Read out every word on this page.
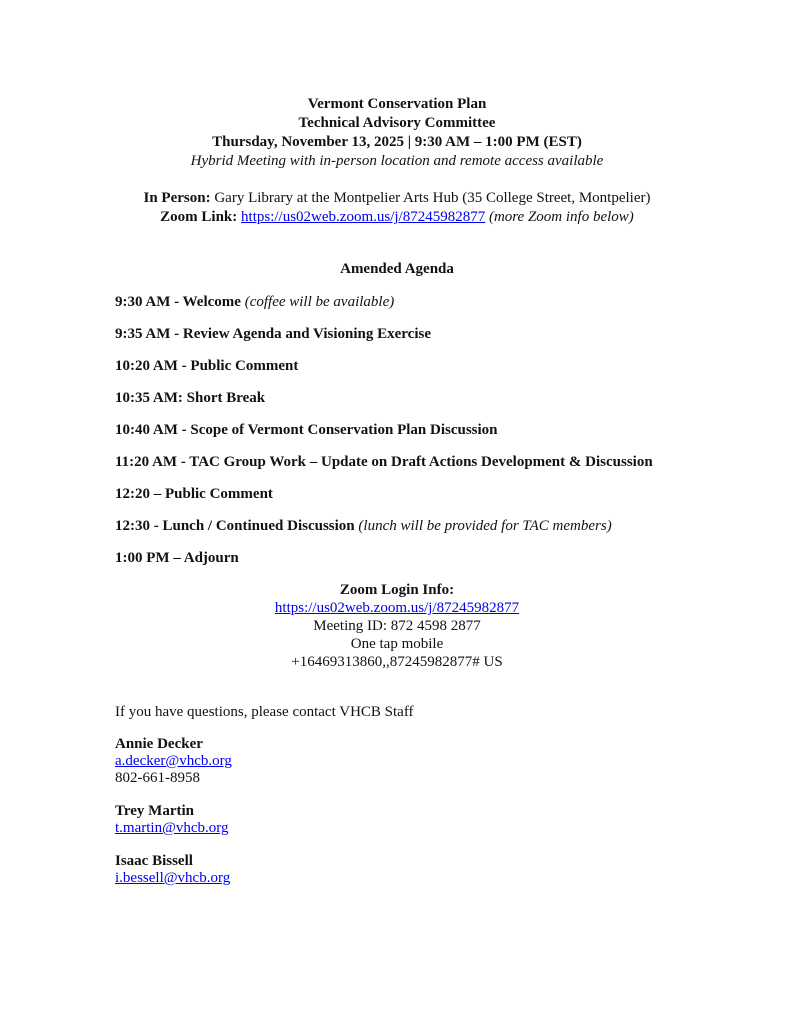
Vermont Conservation Plan
Technical Advisory Committee
Thursday, November 13, 2025 | 9:30 AM – 1:00 PM (EST)
Hybrid Meeting with in-person location and remote access available
In Person: Gary Library at the Montpelier Arts Hub (35 College Street, Montpelier)
Zoom Link: https://us02web.zoom.us/j/87245982877 (more Zoom info below)
Amended Agenda

9:30 AM - Welcome (coffee will be available)

9:35 AM - Review Agenda and Visioning Exercise

10:20 AM - Public Comment

10:35 AM: Short Break

10:40 AM - Scope of Vermont Conservation Plan Discussion

11:20 AM - TAC Group Work – Update on Draft Actions Development & Discussion

12:20 – Public Comment

12:30 - Lunch / Continued Discussion (lunch will be provided for TAC members)

1:00 PM – Adjourn

Zoom Login Info:
https://us02web.zoom.us/j/87245982877
Meeting ID: 872 4598 2877
One tap mobile
+16469313860,,87245982877# US
If you have questions, please contact VHCB Staff
Annie Decker
a.decker@vhcb.org
802-661-8958
Trey Martin
t.martin@vhcb.org
Isaac Bissell
i.bessell@vhcb.org
